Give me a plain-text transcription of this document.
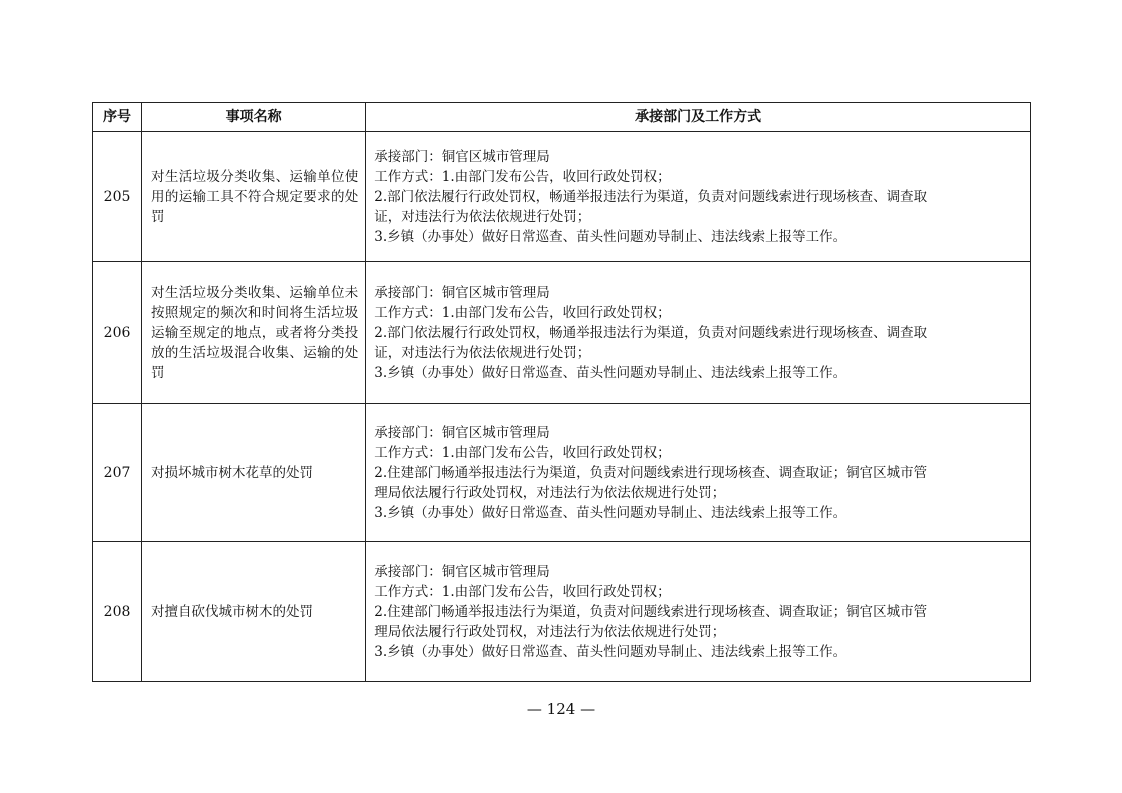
序号	事项名称	承接部门及工作方式
205	对生活垃圾分类收集、运输单位使用的运输工具不符合规定要求的处罚	承接部门：铜官区城市管理局
工作方式：1.由部门发布公告，收回行政处罚权；
2.部门依法履行行政处罚权，畅通举报违法行为渠道，负责对问题线索进行现场核查、调查取
证，对违法行为依法依规进行处罚；
3.乡镇（办事处）做好日常巡查、苗头性问题劝导制止、违法线索上报等工作。

206	对生活垃圾分类收集、运输单位未按照规定的频次和时间将生活垃圾运输至规定的地点，或者将分类投放的生活垃圾混合收集、运输的处罚	承接部门：铜官区城市管理局
工作方式：1.由部门发布公告，收回行政处罚权；
2.部门依法履行行政处罚权，畅通举报违法行为渠道，负责对问题线索进行现场核查、调查取
证，对违法行为依法依规进行处罚；
3.乡镇（办事处）做好日常巡查、苗头性问题劝导制止、违法线索上报等工作。

207	对损坏城市树木花草的处罚	承接部门：铜官区城市管理局
工作方式：1.由部门发布公告，收回行政处罚权；
2.住建部门畅通举报违法行为渠道，负责对问题线索进行现场核查、调查取证；铜官区城市管
理局依法履行行政处罚权，对违法行为依法依规进行处罚；
3.乡镇（办事处）做好日常巡查、苗头性问题劝导制止、违法线索上报等工作。

208	对擅自砍伐城市树木的处罚	承接部门：铜官区城市管理局
工作方式：1.由部门发布公告，收回行政处罚权；
2.住建部门畅通举报违法行为渠道，负责对问题线索进行现场核查、调查取证；铜官区城市管
理局依法履行行政处罚权，对违法行为依法依规进行处罚；
3.乡镇（办事处）做好日常巡查、苗头性问题劝导制止、违法线索上报等工作。
— 124 —
